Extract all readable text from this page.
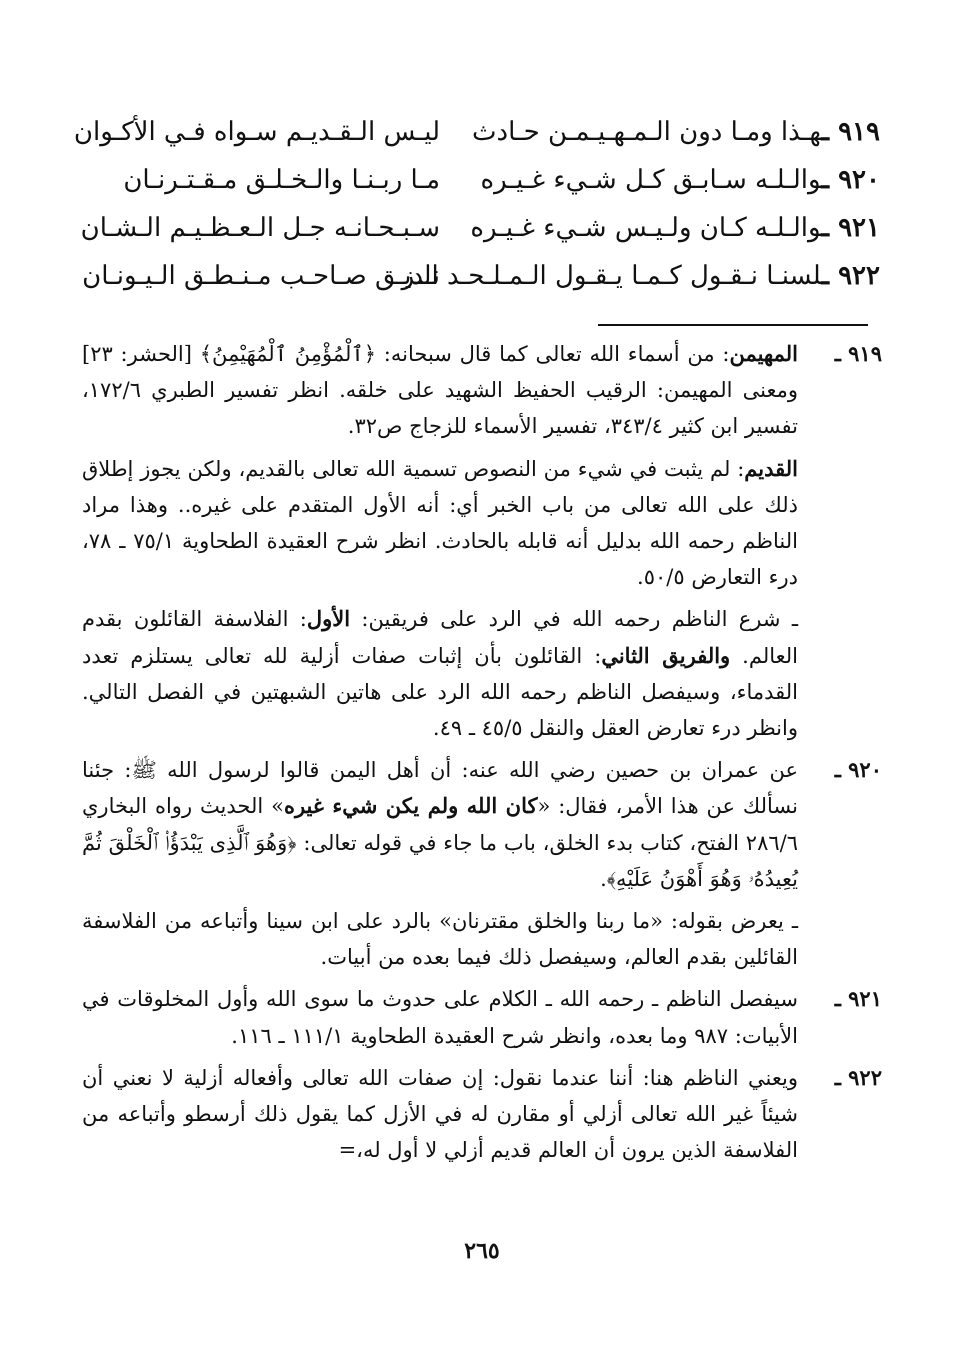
٩١٩ ـهـذا ومـا دون الـمـهـيـمـن حـادث
ليـس الـقـديـم سـواه فـي الأكـوان
٩٢٠ ـوالـلـه سـابـق كـل شـيء غـيـره
مـا ربـنـا والـخـلـق مـقـتـرنـان
٩٢١ ـوالـلـه كـان ولـيـس شـيء غـيـره
سـبـحـانـه جـل الـعـظـيـم الـشـان
٩٢٢ ـلسنـا نـقـول كـمـا يـقـول الـمـلـحـد الـز
نـديـق صـاحـب مـنـطـق الـيـونـان
٩١٩ ـ
المهيمن: من أسماء الله تعالى كما قال سبحانه: ﴿ٱلْمُؤْمِنُ ٱلْمُهَيْمِنُ﴾ [الحشر: ٢٣] ومعنى المهيمن: الرقيب الحفيظ الشهيد على خلقه. انظر تفسير الطبري ١٧٢/٦، تفسير ابن كثير ٣٤٣/٤، تفسير الأسماء للزجاج ص٣٢.
القديم: لم يثبت في شيء من النصوص تسمية الله تعالى بالقديم، ولكن يجوز إطلاق ذلك على الله تعالى من باب الخبر أي: أنه الأول المتقدم على غيره.. وهذا مراد الناظم رحمه الله بدليل أنه قابله بالحادث. انظر شرح العقيدة الطحاوية ٧٥/١ ـ ٧٨، درء التعارض ٥٠/٥.
ـ شرع الناظم رحمه الله في الرد على فريقين: الأول: الفلاسفة القائلون بقدم العالم. والفريق الثاني: القائلون بأن إثبات صفات أزلية لله تعالى يستلزم تعدد القدماء، وسيفصل الناظم رحمه الله الرد على هاتين الشبهتين في الفصل التالي. وانظر درء تعارض العقل والنقل ٤٥/٥ ـ ٤٩.
٩٢٠ ـ
عن عمران بن حصين رضي الله عنه: أن أهل اليمن قالوا لرسول الله ﷺ: جئنا نسألك عن هذا الأمر، فقال: «كان الله ولم يكن شيء غيره» الحديث رواه البخاري ٢٨٦/٦ الفتح، كتاب بدء الخلق، باب ما جاء في قوله تعالى: ﴿وَهُوَ ٱلَّذِى يَبْدَؤُا۟ ٱلْخَلْقَ ثُمَّ يُعِيدُهُۥ وَهُوَ أَهْوَنُ عَلَيْهِ﴾.
ـ يعرض بقوله: «ما ربنا والخلق مقترنان» بالرد على ابن سينا وأتباعه من الفلاسفة القائلين بقدم العالم، وسيفصل ذلك فيما بعده من أبيات.
٩٢١ ـ
سيفصل الناظم ـ رحمه الله ـ الكلام على حدوث ما سوى الله وأول المخلوقات في الأبيات: ٩٨٧ وما بعده، وانظر شرح العقيدة الطحاوية ١١١/١ ـ ١١٦.
٩٢٢ ـ
ويعني الناظم هنا: أننا عندما نقول: إن صفات الله تعالى وأفعاله أزلية لا نعني أن شيئاً غير الله تعالى أزلي أو مقارن له في الأزل كما يقول ذلك أرسطو وأتباعه من الفلاسفة الذين يرون أن العالم قديم أزلي لا أول له،=
٢٦٥
